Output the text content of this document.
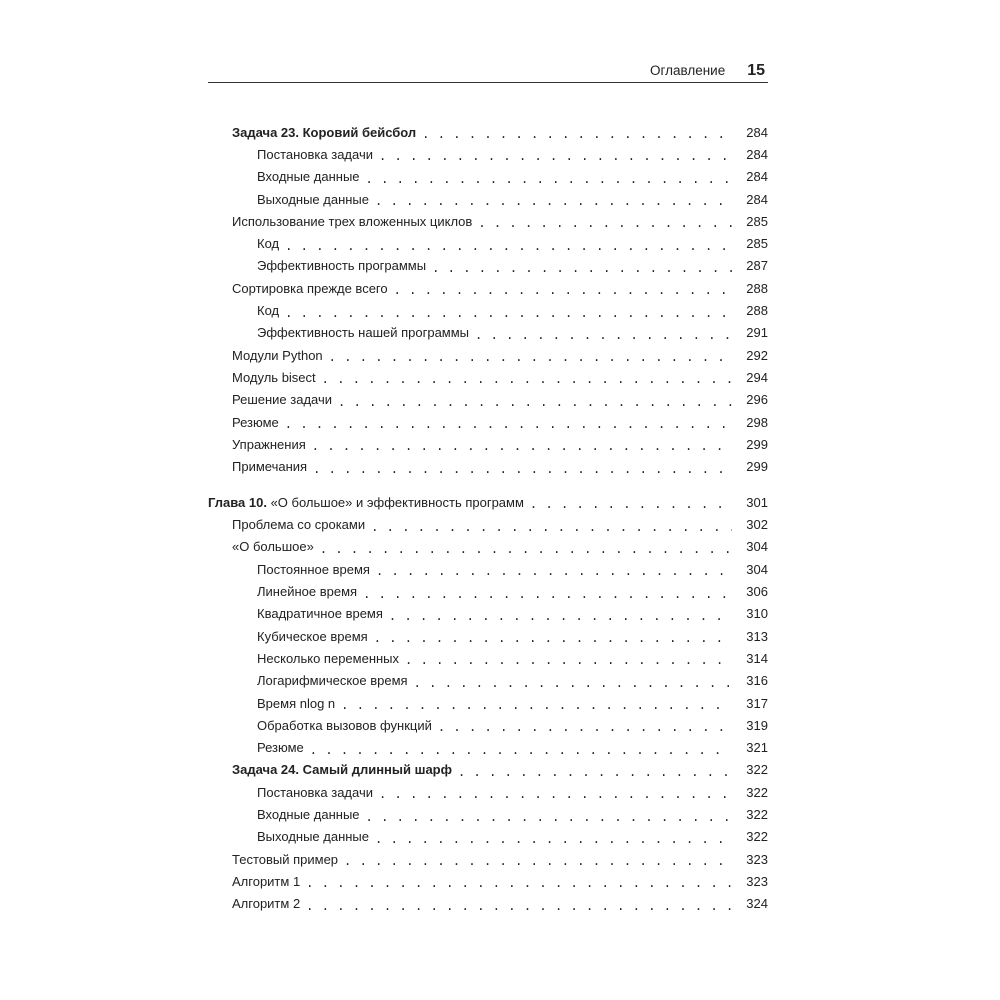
Оглавление 15
Задача 23. Коровий бейсбол . . .	284
Постановка задачи . . .	284
Входные данные . . .	284
Выходные данные . . .	284
Использование трех вложенных циклов . . .	285
Код . . .	285
Эффективность программы . . .	287
Сортировка прежде всего . . .	288
Код . . .	288
Эффективность нашей программы . . .	291
Модули Python . . .	292
Модуль bisect . . .	294
Решение задачи . . .	296
Резюме . . .	298
Упражнения . . .	299
Примечания . . .	299
Глава 10. «О большое» и эффективность программ . . .	301
Проблема со сроками . . .	302
«О большое» . . .	304
Постоянное время . . .	304
Линейное время . . .	306
Квадратичное время . . .	310
Кубическое время . . .	313
Несколько переменных . . .	314
Логарифмическое время . . .	316
Время nlog n . . .	317
Обработка вызовов функций . . .	319
Резюме . . .	321
Задача 24. Самый длинный шарф . . .	322
Постановка задачи . . .	322
Входные данные . . .	322
Выходные данные . . .	322
Тестовый пример . . .	323
Алгоритм 1 . . .	323
Алгоритм 2 . . .	324
